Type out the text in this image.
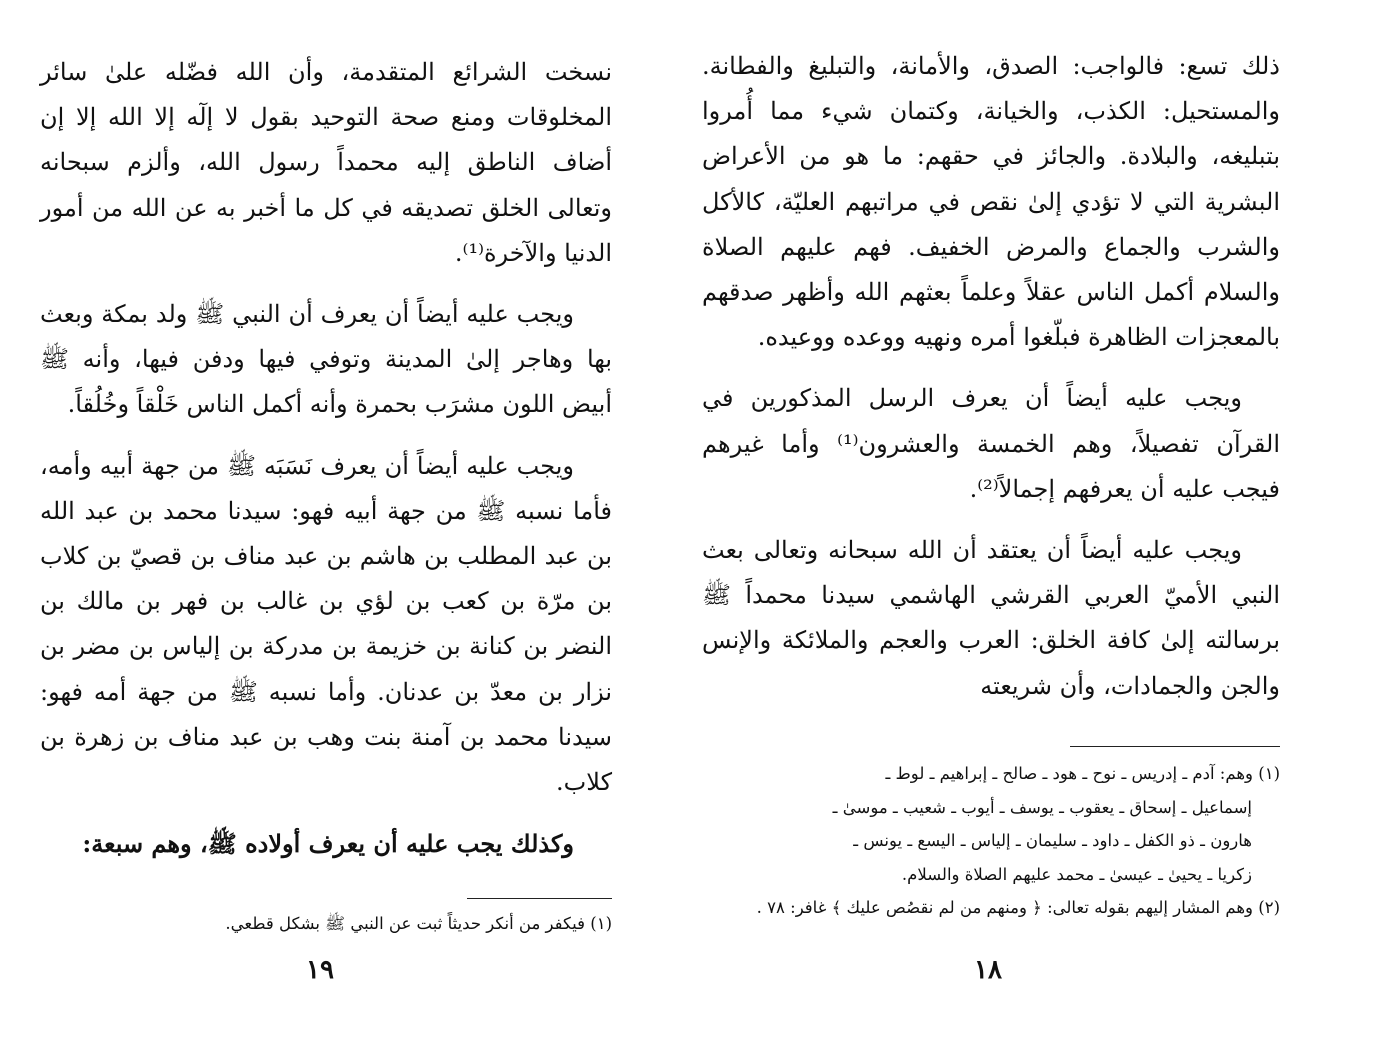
ذلك تسع: فالواجب: الصدق، والأمانة، والتبليغ والفطانة. والمستحيل: الكذب، والخيانة، وكتمان شيء مما أُمروا بتبليغه، والبلادة. والجائز في حقهم: ما هو من الأعراض البشرية التي لا تؤدي إلىٰ نقص في مراتبهم العليّة، كالأكل والشرب والجماع والمرض الخفيف. فهم عليهم الصلاة والسلام أكمل الناس عقلاً وعلماً بعثهم الله وأظهر صدقهم بالمعجزات الظاهرة فبلّغوا أمره ونهيه ووعده ووعيده.

ويجب عليه أيضاً أن يعرف الرسل المذكورين في القرآن تفصيلاً، وهم الخمسة والعشرون⁽¹⁾ وأما غيرهم فيجب عليه أن يعرفهم إجمالاً⁽²⁾.

ويجب عليه أيضاً أن يعتقد أن الله سبحانه وتعالى بعث النبي الأميّ العربي القرشي الهاشمي سيدنا محمداً ﷺ برسالته إلىٰ كافة الخلق: العرب والعجم والملائكة والإنس والجن والجمادات، وأن شريعته

(١) وهم: آدم ـ إدريس ـ نوح ـ هود ـ صالح ـ إبراهيم ـ لوط ـ

إسماعيل ـ إسحاق ـ يعقوب ـ يوسف ـ أيوب ـ شعيب ـ موسىٰ ـ

هارون ـ ذو الكفل ـ داود ـ سليمان ـ إلياس ـ اليسع ـ يونس ـ

زكريا ـ يحيىٰ ـ عيسىٰ ـ محمد عليهم الصلاة والسلام.

(٢) وهم المشار إليهم بقوله تعالى: ﴿ ومنهم من لم نقصُص عليك ﴾ غافر: ٧٨ .

١٨

نسخت الشرائع المتقدمة، وأن الله فضّله علىٰ سائر المخلوقات ومنع صحة التوحيد بقول لا إلٓه إلا الله إلا إن أضاف الناطق إليه محمداً رسول الله، وألزم سبحانه وتعالى الخلق تصديقه في كل ما أخبر به عن الله من أمور الدنيا والآخرة⁽¹⁾.

ويجب عليه أيضاً أن يعرف أن النبي ﷺ ولد بمكة وبعث بها وهاجر إلىٰ المدينة وتوفي فيها ودفن فيها، وأنه ﷺ أبيض اللون مشرَب بحمرة وأنه أكمل الناس خَلْقاً وخُلُقاً.

ويجب عليه أيضاً أن يعرف نَسَبَه ﷺ من جهة أبيه وأمه، فأما نسبه ﷺ من جهة أبيه فهو: سيدنا محمد بن عبد الله بن عبد المطلب بن هاشم بن عبد مناف بن قصيّ بن كلاب بن مرّة بن كعب بن لؤي بن غالب بن فهر بن مالك بن النضر بن كنانة بن خزيمة بن مدركة بن إلياس بن مضر بن نزار بن معدّ بن عدنان. وأما نسبه ﷺ من جهة أمه فهو: سيدنا محمد بن آمنة بنت وهب بن عبد مناف بن زهرة بن كلاب.

وكذلك يجب عليه أن يعرف أولاده ﷺ، وهم سبعة:

(١) فيكفر من أنكر حديثاً ثبت عن النبي ﷺ بشكل قطعي.

١٩
